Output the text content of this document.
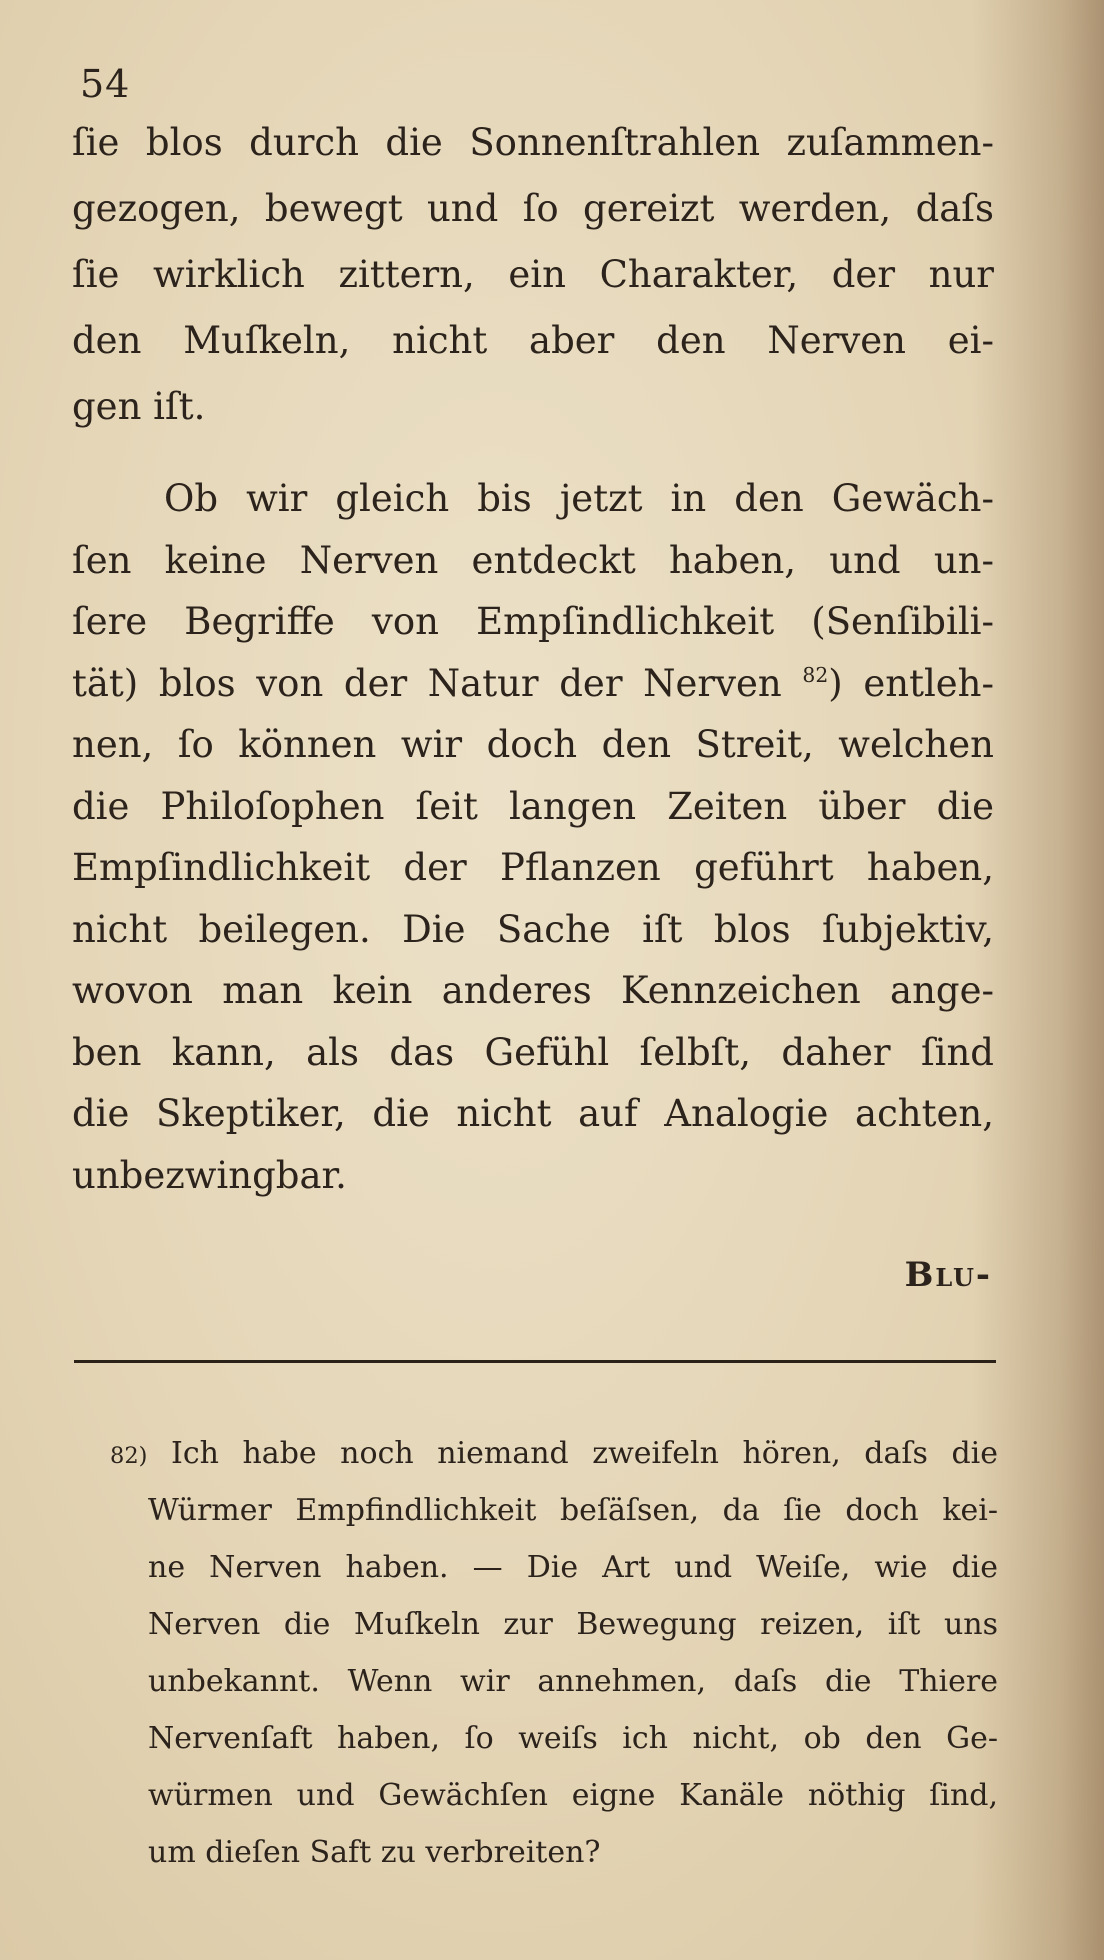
54
ſie blos durch die Sonnenſtrahlen zuſammen-
gezogen, bewegt und ſo gereizt werden, daſs
ſie wirklich zittern, ein Charakter, der nur
den Muſkeln, nicht aber den Nerven ei-
gen iſt.
Ob wir gleich bis jetzt in den Gewäch-
ſen keine Nerven entdeckt haben, und un-
ſere Begriffe von Empſindlichkeit (Senſibili-
tät) blos von der Natur der Nerven $^{82}$) entleh-
nen, ſo können wir doch den Streit, welchen
die Philoſophen ſeit langen Zeiten über die
Empſindlichkeit der Pflanzen geführt haben,
nicht beilegen. Die Sache iſt blos ſubjektiv,
wovon man kein anderes Kennzeichen ange-
ben kann, als das Gefühl ſelbſt, daher ſind
die Skeptiker, die nicht auf Analogie achten,
unbezwingbar.
Blu-
82) Ich habe noch niemand zweifeln hören, daſs die
Würmer Empfindlichkeit beſäſsen, da ſie doch kei-
ne Nerven haben. — Die Art und Weiſe, wie die
Nerven die Muſkeln zur Bewegung reizen, iſt uns
unbekannt. Wenn wir annehmen, daſs die Thiere
Nervenſaft haben, ſo weiſs ich nicht, ob den Ge-
würmen und Gewächſen eigne Kanäle nöthig ſind,
um dieſen Saft zu verbreiten?
